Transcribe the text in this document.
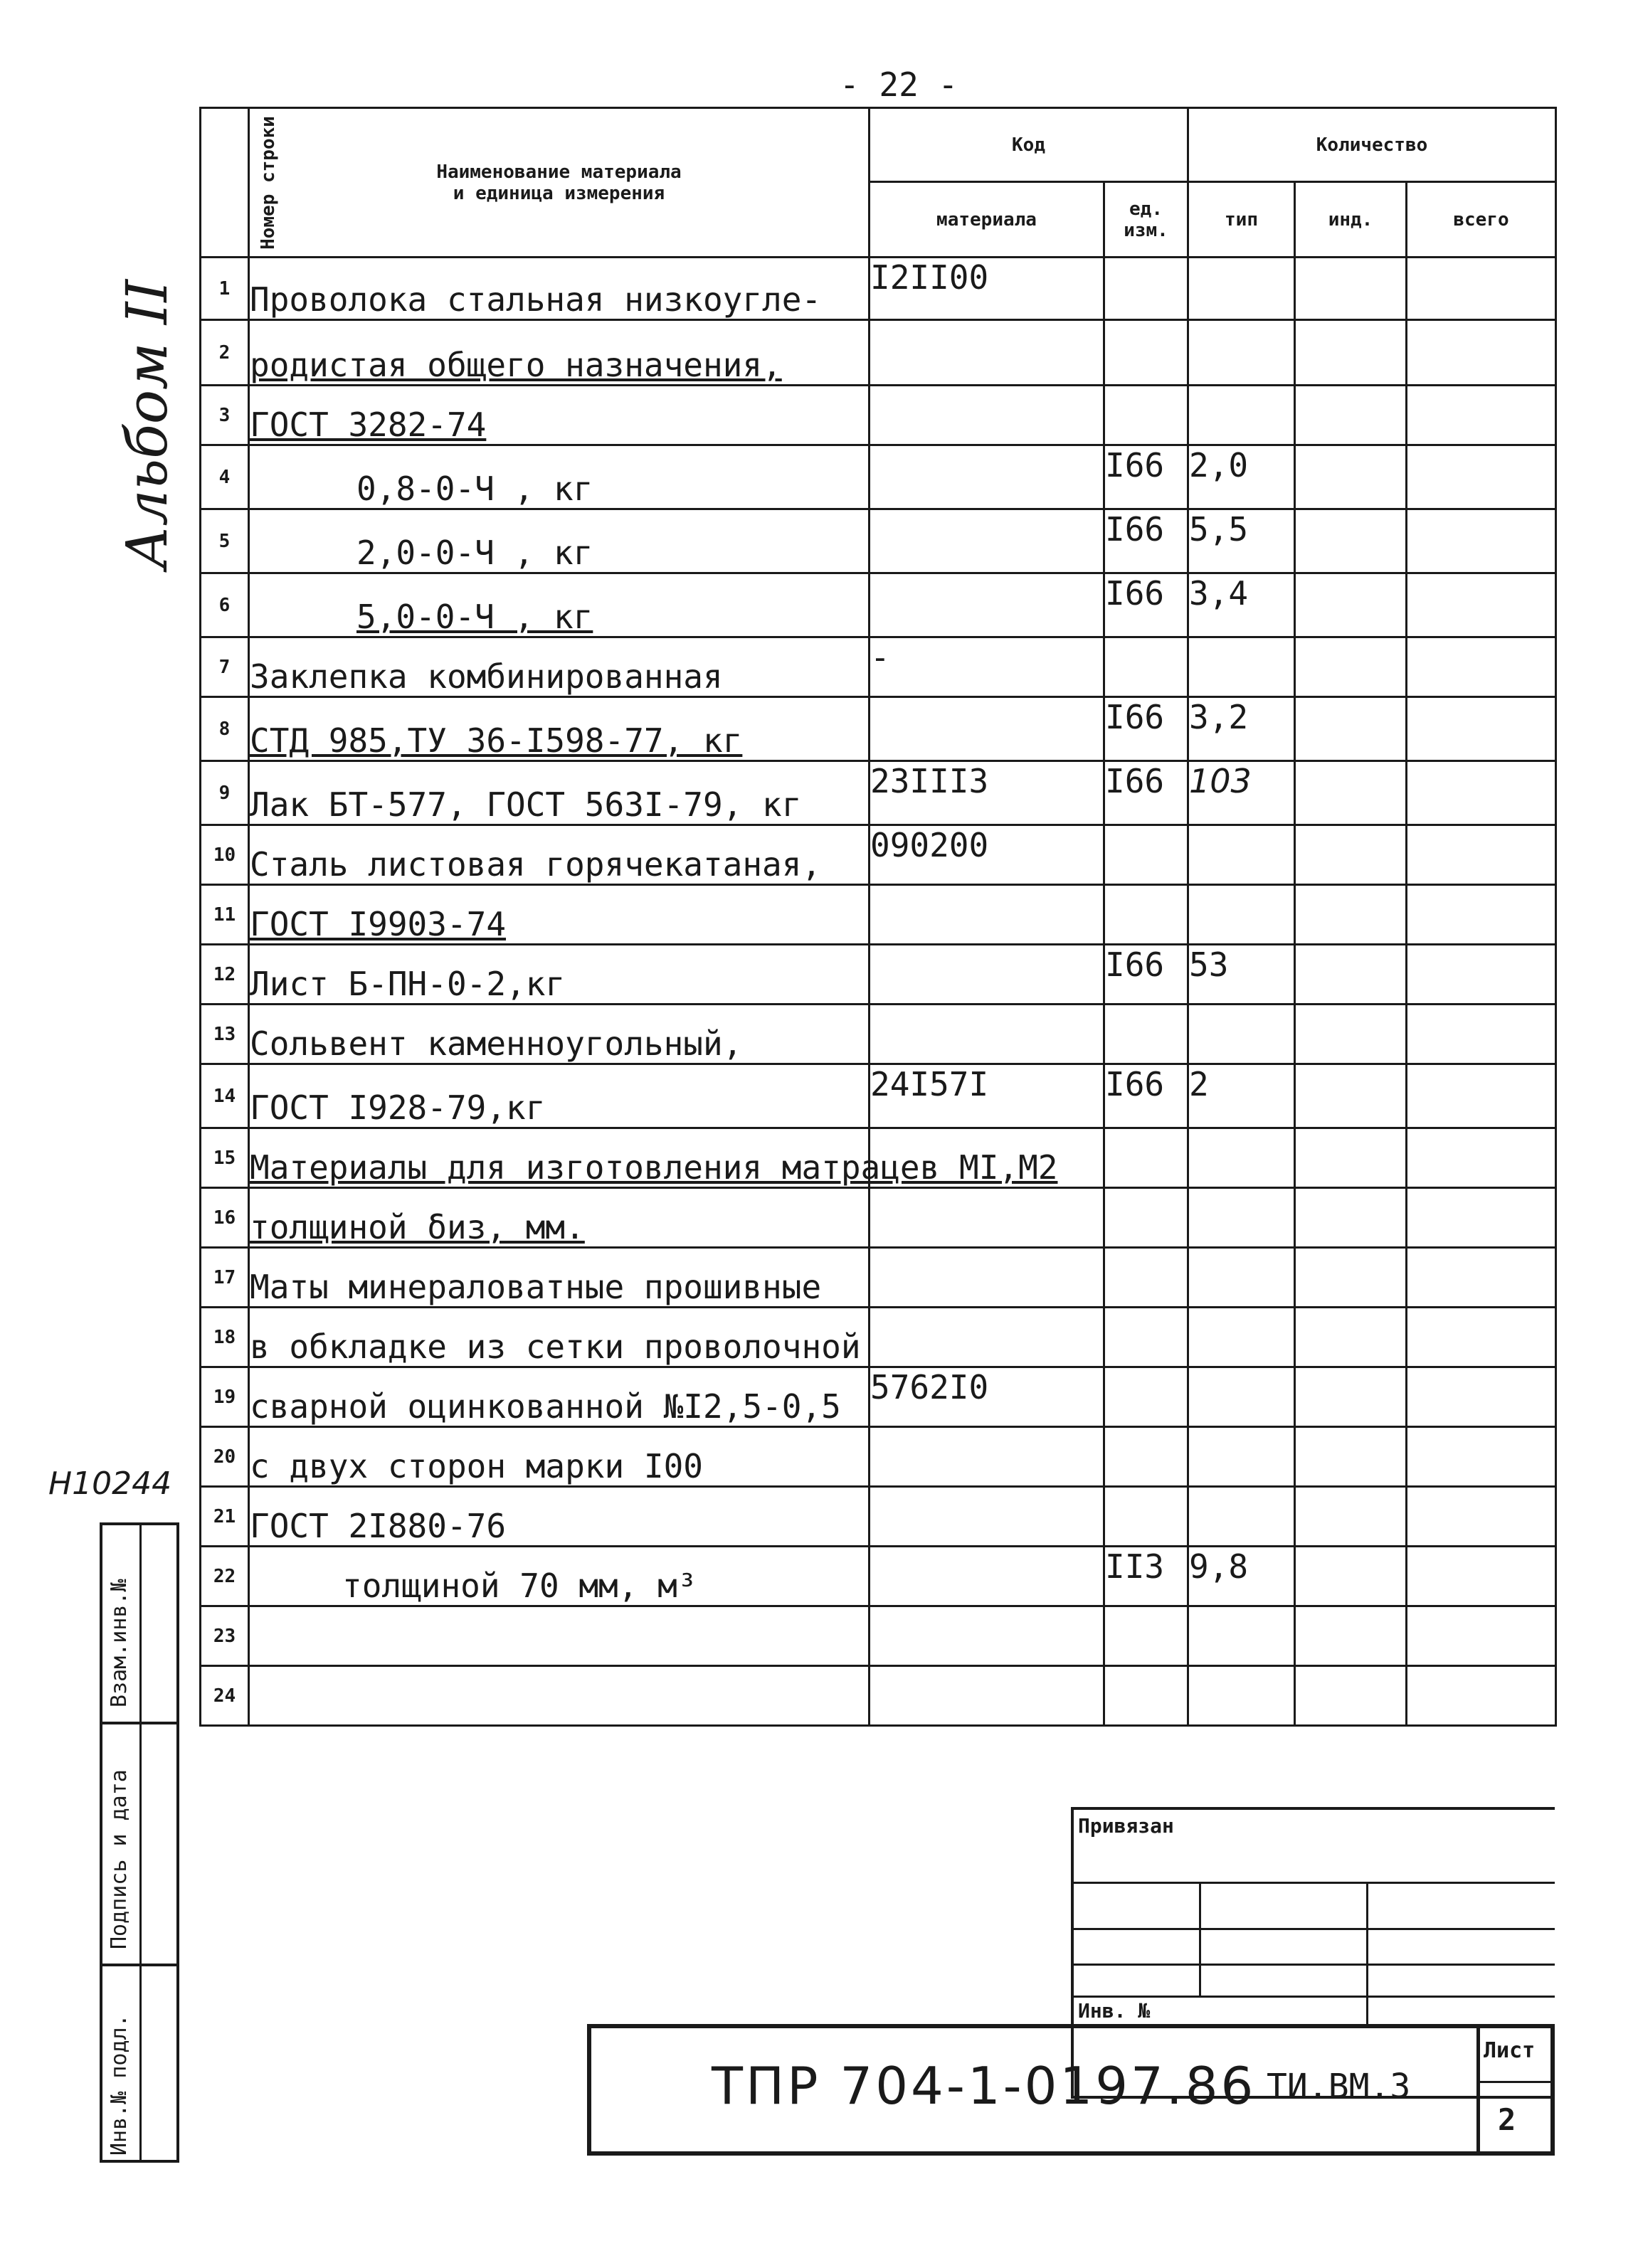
- 22 -
Альбом II
Н10244
Номер строки	Наименование материала
и единица измерения	Код		Количество		
		материала	ед. изм.	тип	инд.	всего
1	Проволока стальная низкоугле-	I2II00				
2	родистая общего назначения,					
3	ГОСТ 3282-74					
4	0,8-0-Ч , кг		I66	2,0		
5	2,0-0-Ч , кг		I66	5,5		
6	5,0-0-Ч , кг		I66	3,4		
7	Заклепка комбинированная	-				
8	СТД 985,ТУ 36-I598-77, кг		I66	3,2		
9	Лак БТ-577, ГОСТ 563I-79, кг	23III3	I66	103		
10	Сталь листовая горячекатаная,	090200				
11	ГОСТ I9903-74					
12	Лист Б-ПН-0-2,кг		I66	53		
13	Сольвент каменноугольный,					
14	ГОСТ I928-79,кг	24I57I	I66	2		
15	Материалы для изготовления матрацев МI,М2					
16	толщиной δиз, мм.					
17	Маты минераловатные прошивные					
18	в обкладке из сетки проволочной					
19	сварной оцинкованной №I2,5-0,5	5762I0				
20	с двух сторон марки I00					
21	ГОСТ 2I880-76					
22	толщиной 70 мм, м³		II3	9,8		
23						
24						
Взам.инв.№
Подпись и дата
Инв.№ подл.
Привязан
Инв. №
ТПР 704-1-0197.86 ТИ.ВМ.3
Лист
2
